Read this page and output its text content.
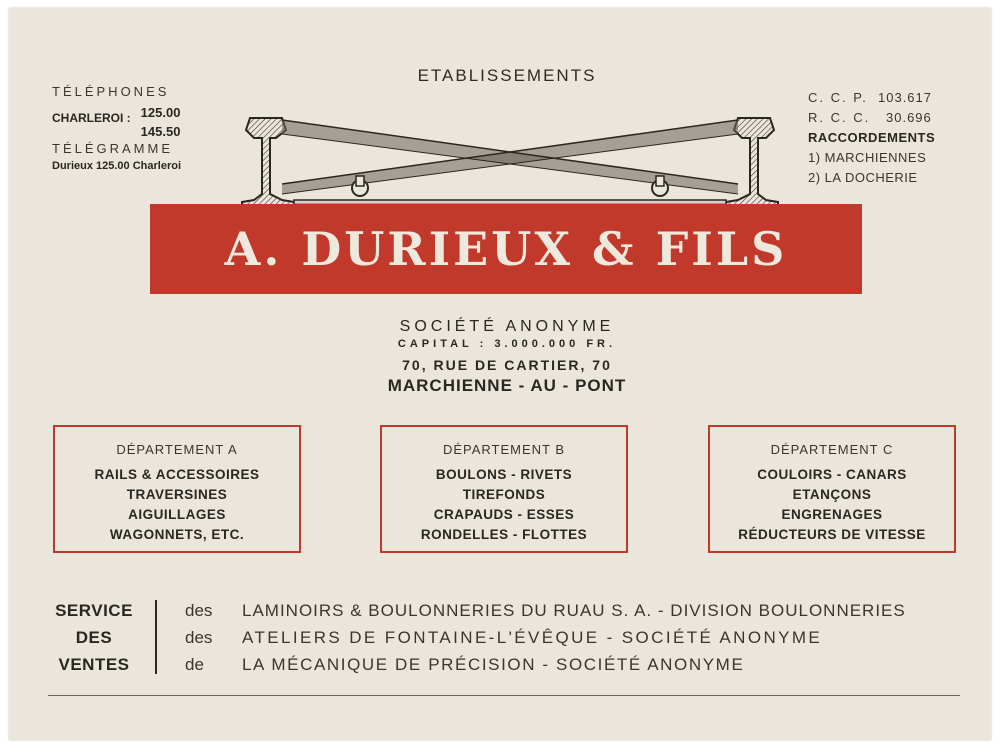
TÉLÉPHONES
CHARLEROI : 125.00
145.50
TÉLÉGRAMME
Durieux 125.00 Charleroi
C. C. P. 103.617
R. C. C.	30.696
RACCORDEMENTS
1) MARCHIENNES
2) LA DOCHERIE
ETABLISSEMENTS
A. DURIEUX & FILS
SOCIÉTÉ ANONYME
CAPITAL : 3.000.000 FR.
70, RUE DE CARTIER, 70
MARCHIENNE - AU - PONT
DÉPARTEMENT A
RAILS & ACCESSOIRES
TRAVERSINES
AIGUILLAGES
WAGONNETS, ETC.
DÉPARTEMENT B
BOULONS - RIVETS
TIREFONDS
CRAPAUDS - ESSES
RONDELLES - FLOTTES
DÉPARTEMENT C
COULOIRS - CANARS
ETANÇONS
ENGRENAGES
RÉDUCTEURS DE VITESSE
SERVICE
DES
VENTES
des	LAMINOIRS & BOULONNERIES DU RUAU S. A. - DIVISION BOULONNERIES
des	ATELIERS DE FONTAINE-L'ÉVÊQUE - SOCIÉTÉ ANONYME
de	LA MÉCANIQUE DE PRÉCISION - SOCIÉTÉ ANONYME
